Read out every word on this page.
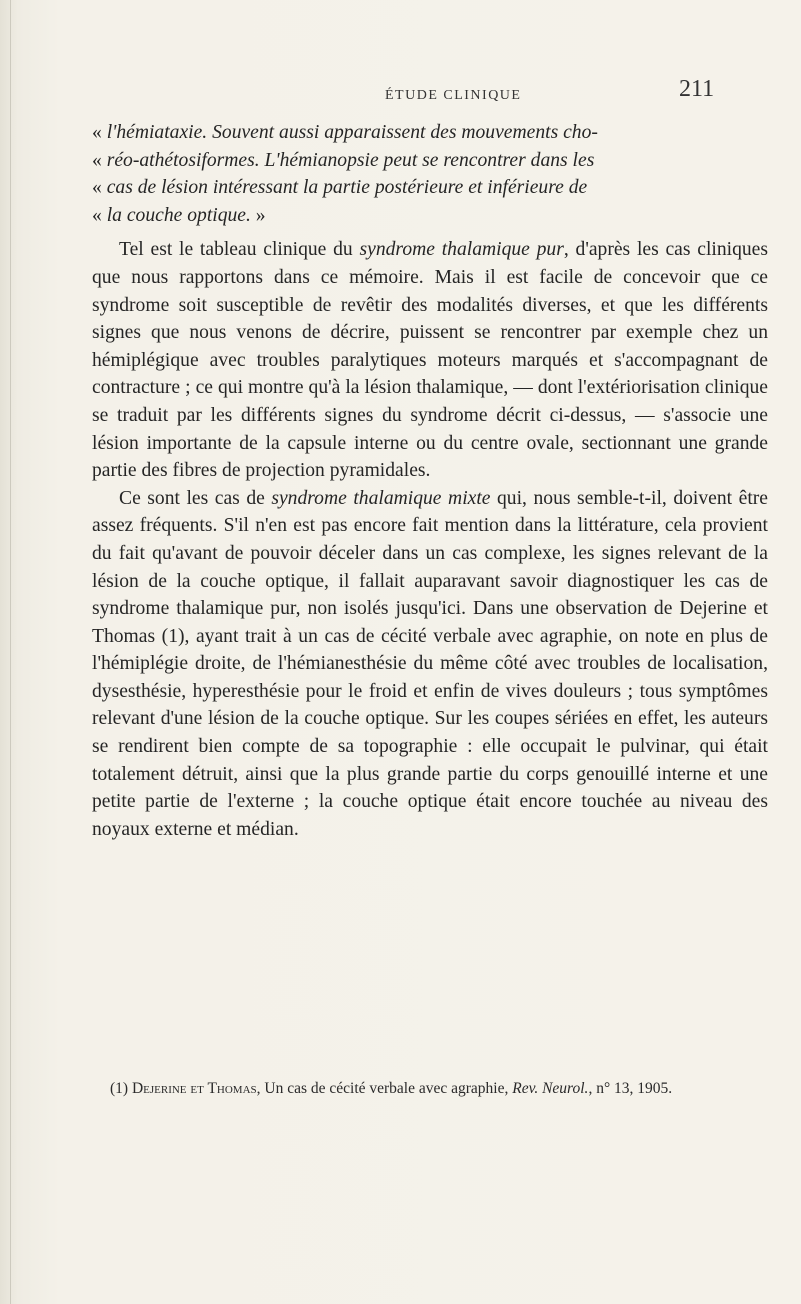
ÉTUDE CLINIQUE	211

« l'hémiataxie. Souvent aussi apparaissent des mouvements cho-
« réo-athétosiformes. L'hémianopsie peut se rencontrer dans les
« cas de lésion intéressant la partie postérieure et inférieure de
« la couche optique. »

Tel est le tableau clinique du syndrome thalamique pur, d'après les cas cliniques que nous rapportons dans ce mémoire. Mais il est facile de concevoir que ce syndrome soit susceptible de revêtir des modalités diverses, et que les différents signes que nous venons de décrire, puissent se rencontrer par exemple chez un hémiplégique avec troubles paralytiques moteurs marqués et s'accompagnant de contracture ; ce qui montre qu'à la lésion thalamique, — dont l'extériorisation clinique se traduit par les différents signes du syndrome décrit ci-dessus, — s'associe une lésion importante de la capsule interne ou du centre ovale, sectionnant une grande partie des fibres de projection pyramidales.

Ce sont les cas de syndrome thalamique mixte qui, nous semble-t-il, doivent être assez fréquents. S'il n'en est pas encore fait mention dans la littérature, cela provient du fait qu'avant de pouvoir déceler dans un cas complexe, les signes relevant de la lésion de la couche optique, il fallait auparavant savoir diagnostiquer les cas de syndrome thalamique pur, non isolés jusqu'ici. Dans une observation de Dejerine et Thomas (1), ayant trait à un cas de cécité verbale avec agraphie, on note en plus de l'hémiplégie droite, de l'hémianesthésie du même côté avec troubles de localisation, dysesthésie, hyperesthésie pour le froid et enfin de vives douleurs ; tous symptômes relevant d'une lésion de la couche optique. Sur les coupes sériées en effet, les auteurs se rendirent bien compte de sa topographie : elle occupait le pulvinar, qui était totalement détruit, ainsi que la plus grande partie du corps genouillé interne et une petite partie de l'externe ; la couche optique était encore touchée au niveau des noyaux externe et médian.

(1) Dejerine et Thomas, Un cas de cécité verbale avec agraphie, Rev. Neurol., n° 13, 1905.
